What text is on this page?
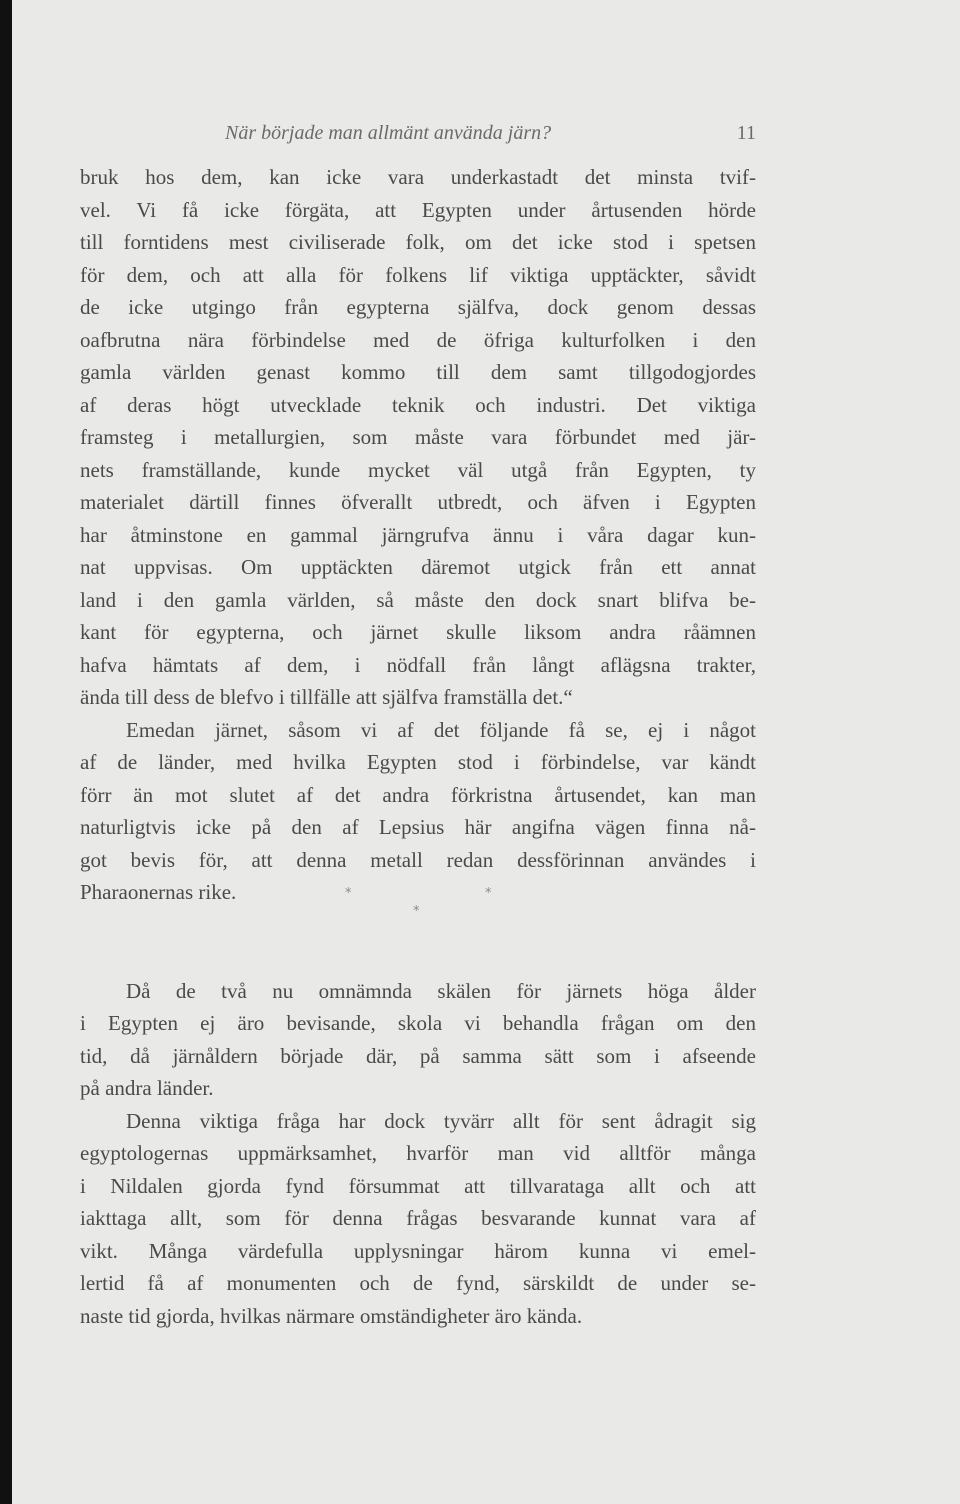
När började man allmänt använda järn?	11
bruk hos dem, kan icke vara underkastadt det minsta tvif-
vel. Vi få icke förgäta, att Egypten under årtusenden hörde
till forntidens mest civiliserade folk, om det icke stod i spetsen
för dem, och att alla för folkens lif viktiga upptäckter, såvidt
de icke utgingo från egypterna själfva, dock genom dessas
oafbrutna nära förbindelse med de öfriga kulturfolken i den
gamla världen genast kommo till dem samt tillgodogjordes
af deras högt utvecklade teknik och industri. Det viktiga
framsteg i metallurgien, som måste vara förbundet med jär-
nets framställande, kunde mycket väl utgå från Egypten, ty
materialet därtill finnes öfverallt utbredt, och äfven i Egypten
har åtminstone en gammal järngrufva ännu i våra dagar kun-
nat uppvisas. Om upptäckten däremot utgick från ett annat
land i den gamla världen, så måste den dock snart blifva be-
kant för egypterna, och järnet skulle liksom andra råämnen
hafva hämtats af dem, i nödfall från långt aflägsna trakter,
ända till dess de blefvo i tillfälle att själfva framställa det.“
Emedan järnet, såsom vi af det följande få se, ej i något
af de länder, med hvilka Egypten stod i förbindelse, var kändt
förr än mot slutet af det andra förkristna årtusendet, kan man
naturligtvis icke på den af Lepsius här angifna vägen finna nå-
got bevis för, att denna metall redan dessförinnan användes i
Pharaonernas rike.
Då de två nu omnämnda skälen för järnets höga ålder
i Egypten ej äro bevisande, skola vi behandla frågan om den
tid, då järnåldern började där, på samma sätt som i afseende
på andra länder.
Denna viktiga fråga har dock tyvärr allt för sent ådragit sig
egyptologernas uppmärksamhet, hvarför man vid alltför många
i Nildalen gjorda fynd försummat att tillvarataga allt och att
iakttaga allt, som för denna frågas besvarande kunnat vara af
vikt. Många värdefulla upplysningar härom kunna vi emel-
lertid få af monumenten och de fynd, särskildt de under se-
naste tid gjorda, hvilkas närmare omständigheter äro kända.
*	*
*
